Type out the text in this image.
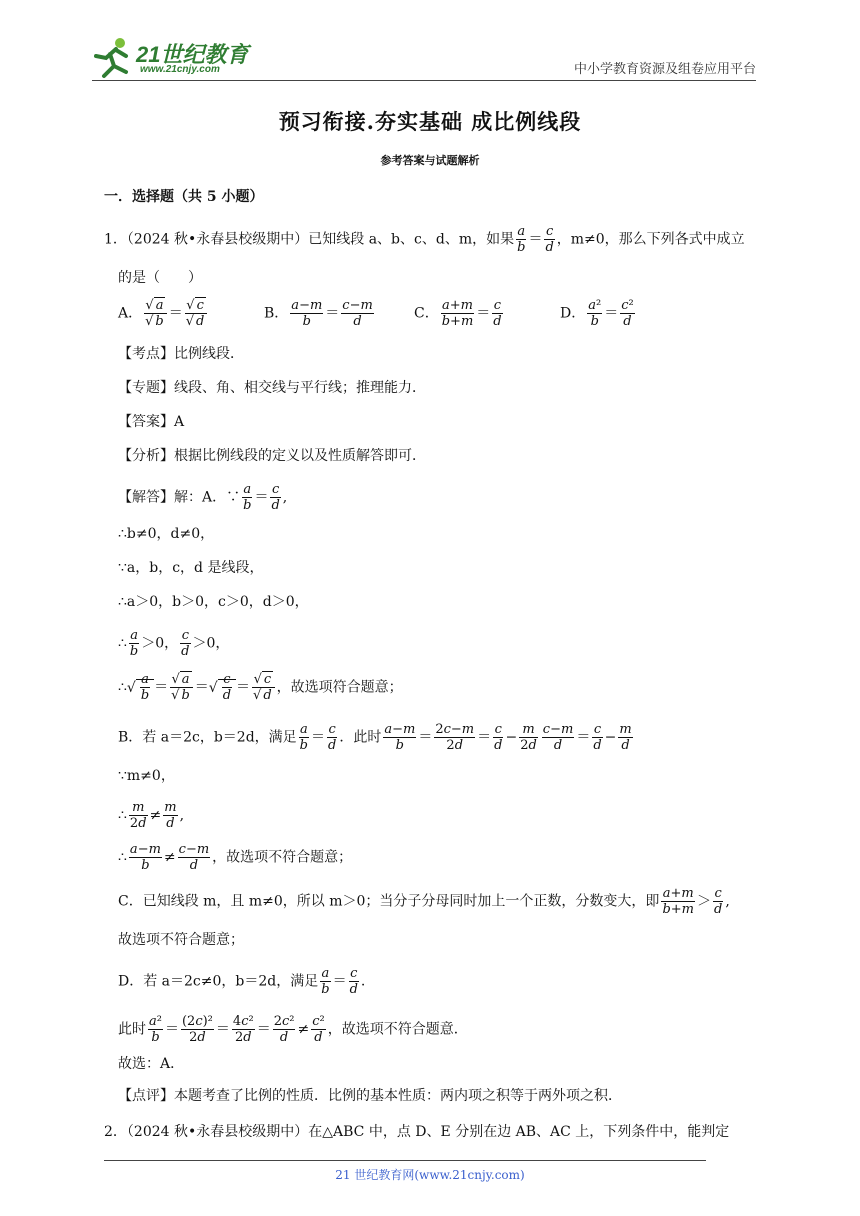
21世纪教育
www.21cnjy.com	中小学教育资源及组卷应用平台
预习衔接.夯实基础 成比例线段
参考答案与试题解析
一．选择题（共 5 小题）
1．（2024 秋•永春县校级期中）已知线段 a、b、c、d、m，如果 $\frac{a}{b} = \frac{c}{d}$ ，m≠0，那么下列各式中成立
的是（　　）
A． √ a
√ b ＝ √ c
√ d	B． $\frac{a-m}{b} = \frac{c-m}{d}$	C． $\frac{a+m}{b+m} = \frac{c}{d}$	D． $\frac{\text{a²}}{b} = \frac{\text{c²}}{d}$
【考点】比例线段．
【专题】线段、角、相交线与平行线；推理能力．
【答案】A
【分析】根据比例线段的定义以及性质解答即可．
【解答】解：A．∵ $\frac{a}{b} = \frac{c}{d}$ ,
∴b≠0，d≠0，
∵a，b，c，d 是线段，
∴a＞0，b＞0，c＞0，d＞0，
∴ $\frac{a}{b} >0$， $\frac{c}{d} >0$，
∴ √ $\frac{a}{b}$ ＝ √ a
√ b ＝ √ $\frac{c}{d}$ ＝ √ c
√ d ，故选项符合题意；
B．若 a＝2c，b＝2d，满足 $\frac{a}{b} = \frac{c}{d}$ ．此时 $\frac{a-m}{b} = \frac{2c-m}{2d} = \frac{c}{d} - \frac{m}{2d} \frac{c-m}{d} = \frac{c}{d} - \frac{m}{d}$
∵m≠0，
∴ $\frac{m}{2d} \ne \frac{m}{d}$ ,
∴ $\frac{a-m}{b} \ne \frac{c-m}{d}$ ，故选项不符合题意；
C．已知线段 m，且 m≠0，所以 m＞0；当分子分母同时加上一个正数，分数变大，即 $\frac{a+m}{b+m} > \frac{c}{d}$ ,
故选项不符合题意；
D．若 a＝2c≠0，b＝2d，满足 $\frac{a}{b} = \frac{c}{d}$ .
此时 $\frac{\text{a²}}{b} = \frac{\text{(2c)²}}{2d} = \frac{\text{4c²}}{2d} = \frac{\text{2c²}}{d} \ne \frac{\text{c²}}{d}$ ，故选项不符合题意．
故选：A．
【点评】本题考查了比例的性质．比例的基本性质：两内项之积等于两外项之积．
2．（2024 秋•永春县校级期中）在△ABC 中，点 D、E 分别在边 AB、AC 上，下列条件中，能判定
21 世纪教育网(www.21cnjy.com)
